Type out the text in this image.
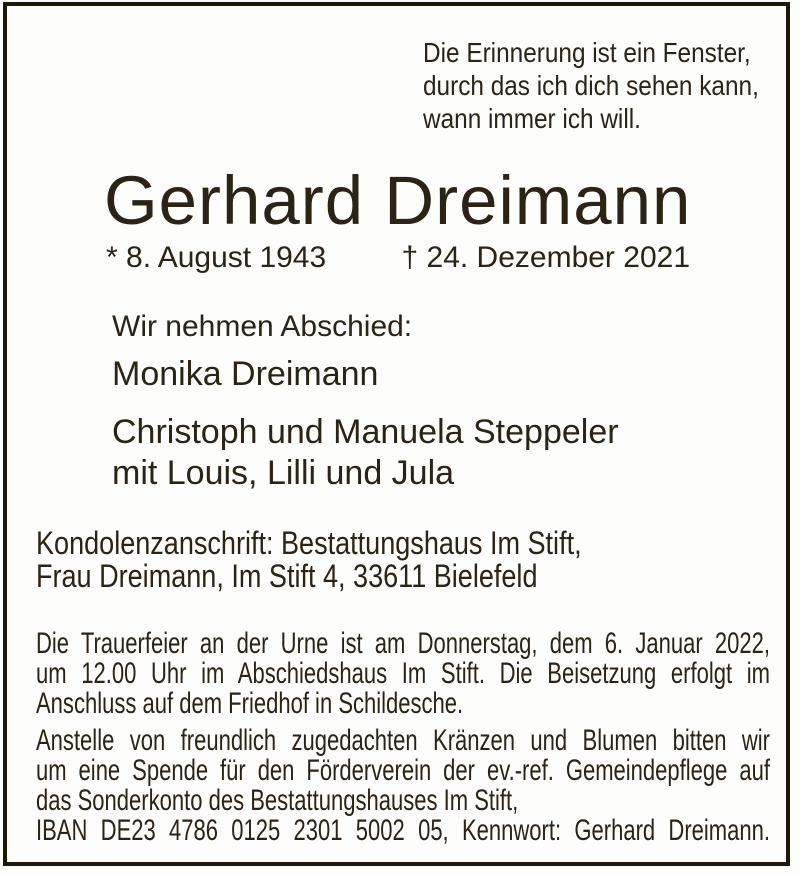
Die Erinnerung ist ein Fenster,
durch das ich dich sehen kann,
wann immer ich will.
Gerhard Dreimann
* 8. August 1943	† 24. Dezember 2021
Wir nehmen Abschied:
Monika Dreimann
Christoph und Manuela Steppeler
mit Louis, Lilli und Jula
Kondolenzanschrift: Bestattungshaus Im Stift,
Frau Dreimann, Im Stift 4, 33611 Bielefeld
Die Trauerfeier an der Urne ist am Donnerstag, dem 6. Januar 2022,
um 12.00 Uhr im Abschiedshaus Im Stift. Die Beisetzung erfolgt im
Anschluss auf dem Friedhof in Schildesche.
Anstelle von freundlich zugedachten Kränzen und Blumen bitten wir
um eine Spende für den Förderverein der ev.-ref. Gemeindepflege auf
das Sonderkonto des Bestattungshauses Im Stift,
IBAN DE23 4786 0125 2301 5002 05, Kennwort: Gerhard Dreimann.
